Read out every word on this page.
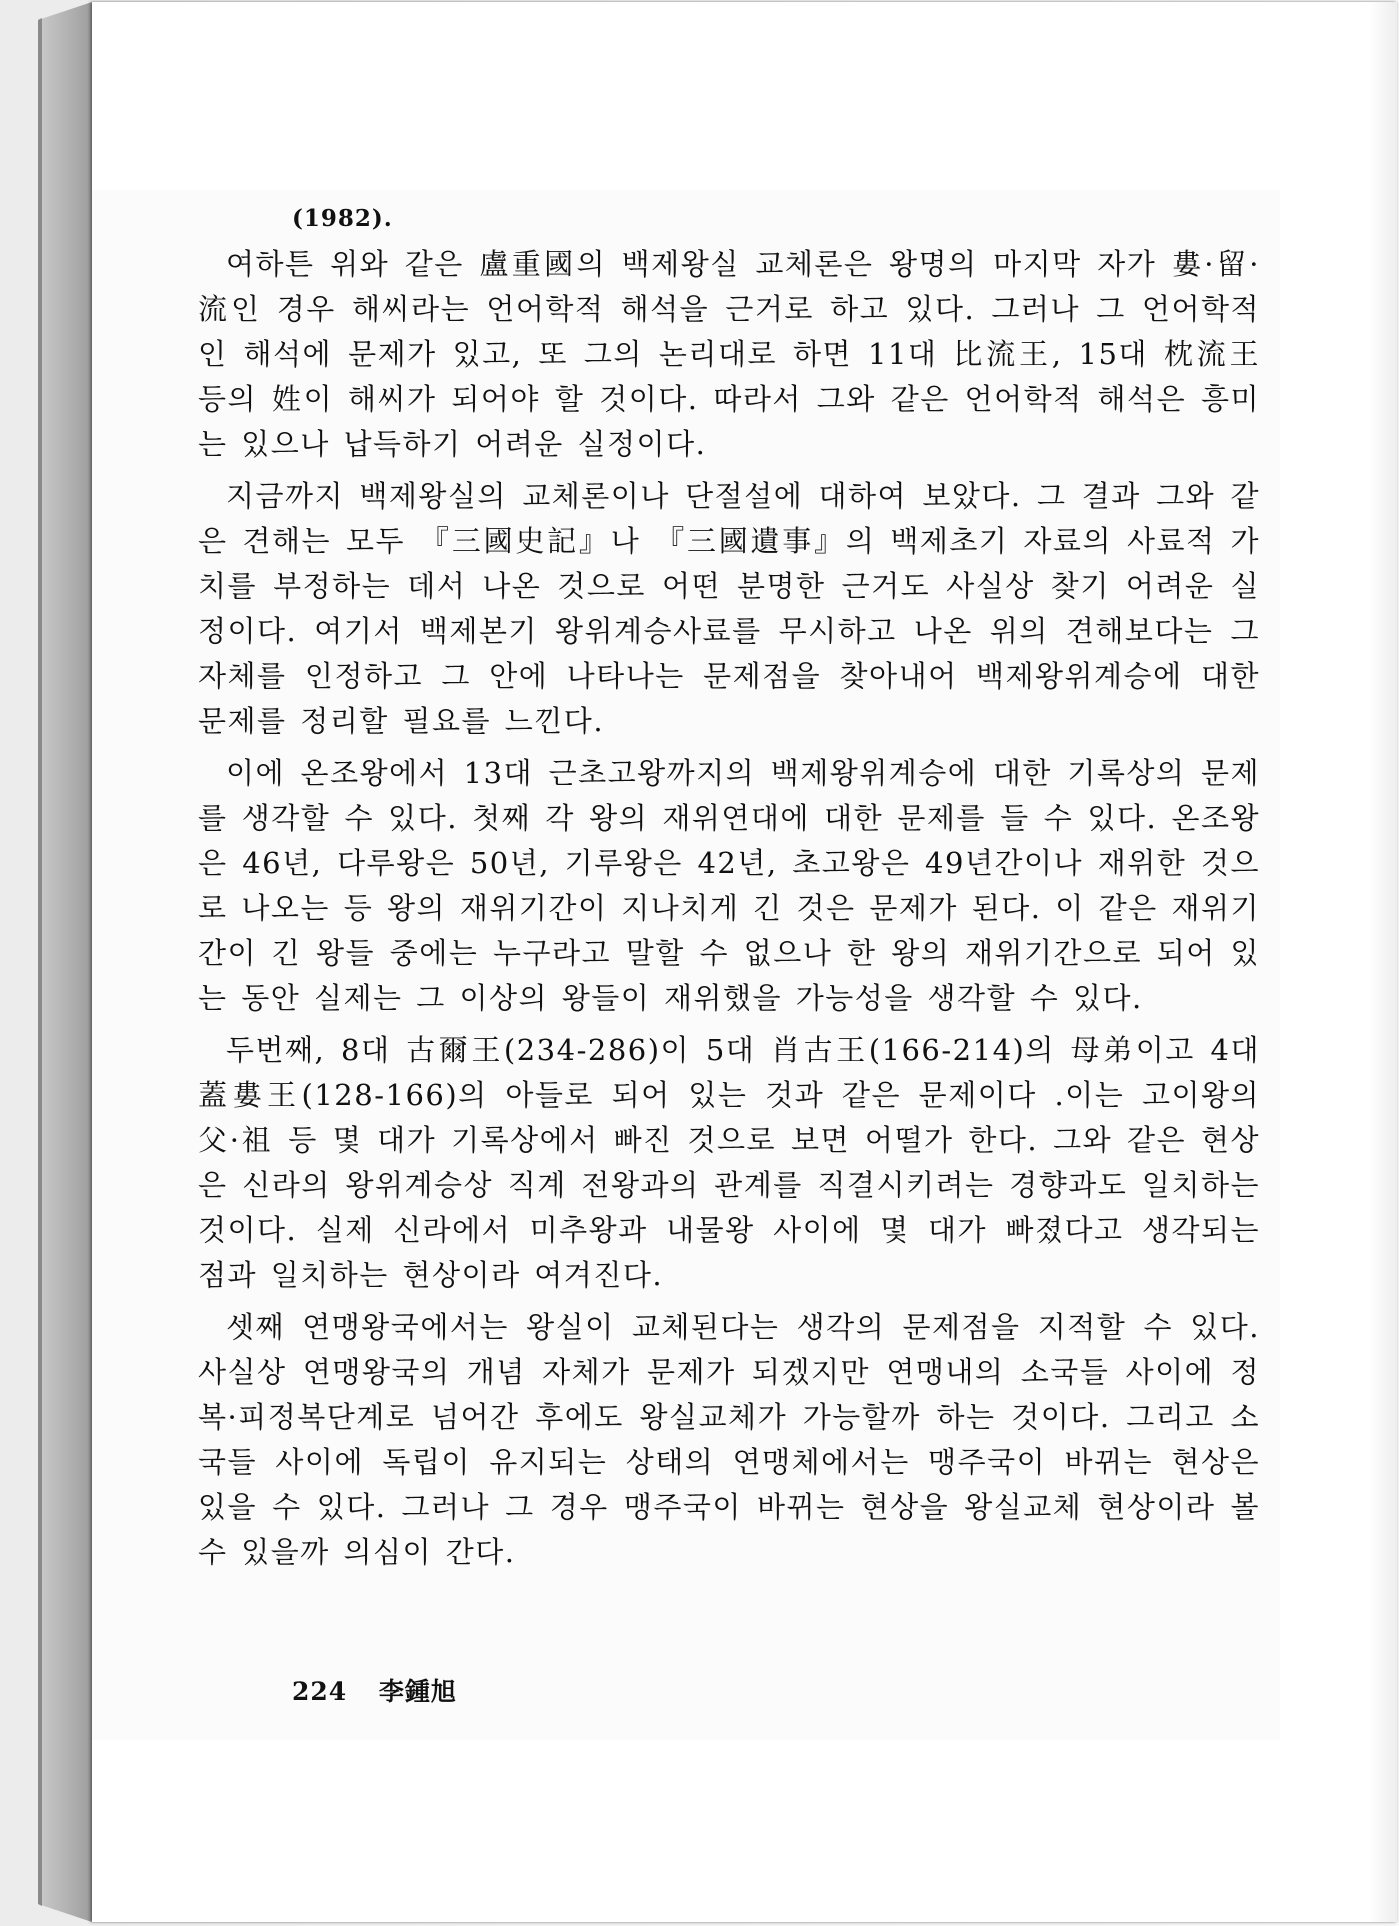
(1982).

여하튼 위와 같은 盧重國의 백제왕실 교체론은 왕명의 마지막 자가 婁·留·流인 경우 해씨라는 언어학적 해석을 근거로 하고 있다. 그러나 그 언어학적인 해석에 문제가 있고, 또 그의 논리대로 하면 11대 比流王, 15대 枕流王 등의 姓이 해씨가 되어야 할 것이다. 따라서 그와 같은 언어학적 해석은 흥미는 있으나 납득하기 어려운 실정이다.

지금까지 백제왕실의 교체론이나 단절설에 대하여 보았다. 그 결과 그와 같은 견해는 모두 『三國史記』나 『三國遺事』의 백제초기 자료의 사료적 가치를 부정하는 데서 나온 것으로 어떤 분명한 근거도 사실상 찾기 어려운 실정이다. 여기서 백제본기 왕위계승사료를 무시하고 나온 위의 견해보다는 그 자체를 인정하고 그 안에 나타나는 문제점을 찾아내어 백제왕위계승에 대한 문제를 정리할 필요를 느낀다.

이에 온조왕에서 13대 근초고왕까지의 백제왕위계승에 대한 기록상의 문제를 생각할 수 있다. 첫째 각 왕의 재위연대에 대한 문제를 들 수 있다. 온조왕은 46년, 다루왕은 50년, 기루왕은 42년, 초고왕은 49년간이나 재위한 것으로 나오는 등 왕의 재위기간이 지나치게 긴 것은 문제가 된다. 이 같은 재위기간이 긴 왕들 중에는 누구라고 말할 수 없으나 한 왕의 재위기간으로 되어 있는 동안 실제는 그 이상의 왕들이 재위했을 가능성을 생각할 수 있다.

두번째, 8대 古爾王(234-286)이 5대 肖古王(166-214)의 母弟이고 4대 蓋婁王(128-166)의 아들로 되어 있는 것과 같은 문제이다 .이는 고이왕의 父·祖 등 몇 대가 기록상에서 빠진 것으로 보면 어떨가 한다. 그와 같은 현상은 신라의 왕위계승상 직계 전왕과의 관계를 직결시키려는 경향과도 일치하는 것이다. 실제 신라에서 미추왕과 내물왕 사이에 몇 대가 빠졌다고 생각되는 점과 일치하는 현상이라 여겨진다.

셋째 연맹왕국에서는 왕실이 교체된다는 생각의 문제점을 지적할 수 있다. 사실상 연맹왕국의 개념 자체가 문제가 되겠지만 연맹내의 소국들 사이에 정복·피정복단계로 넘어간 후에도 왕실교체가 가능할까 하는 것이다. 그리고 소국들 사이에 독립이 유지되는 상태의 연맹체에서는 맹주국이 바뀌는 현상은 있을 수 있다. 그러나 그 경우 맹주국이 바뀌는 현상을 왕실교체 현상이라 볼 수 있을까 의심이 간다.

224 李鍾旭
